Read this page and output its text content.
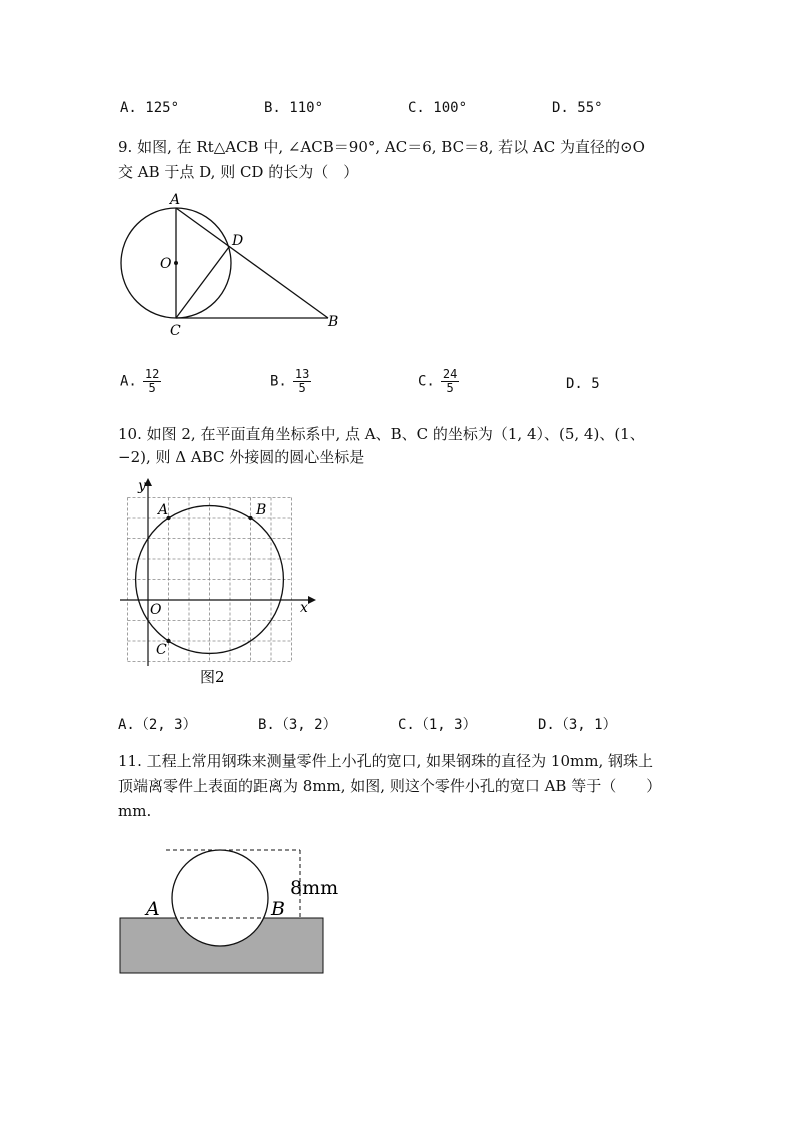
A. 125°	B. 110°	C. 100°	D. 55°
9. 如图, 在 Rt△ACB 中, ∠ACB＝90°, AC＝6, BC＝8, 若以 AC 为直径的⊙O
交 AB 于点 D, 则 CD 的长为（　）
A
D
O
C
B
A. $\frac{12}{5}$	B. $\frac{13}{5}$	C. $\frac{24}{5}$	D. 5
10. 如图 2, 在平面直角坐标系中, 点 A、B、C 的坐标为（1, 4）、(5, 4)、(1、
−2), 则 Δ ABC 外接圆的圆心坐标是
y
x
O
A	B
C
图2
A.（2, 3）	B.（3, 2）	C.（1, 3）	D.（3, 1）
11. 工程上常用钢珠来测量零件上小孔的宽口, 如果钢珠的直径为 10mm, 钢珠上
顶端离零件上表面的距离为 8mm, 如图, 则这个零件小孔的宽口 AB 等于（　　）
mm.
A	B
8mm
